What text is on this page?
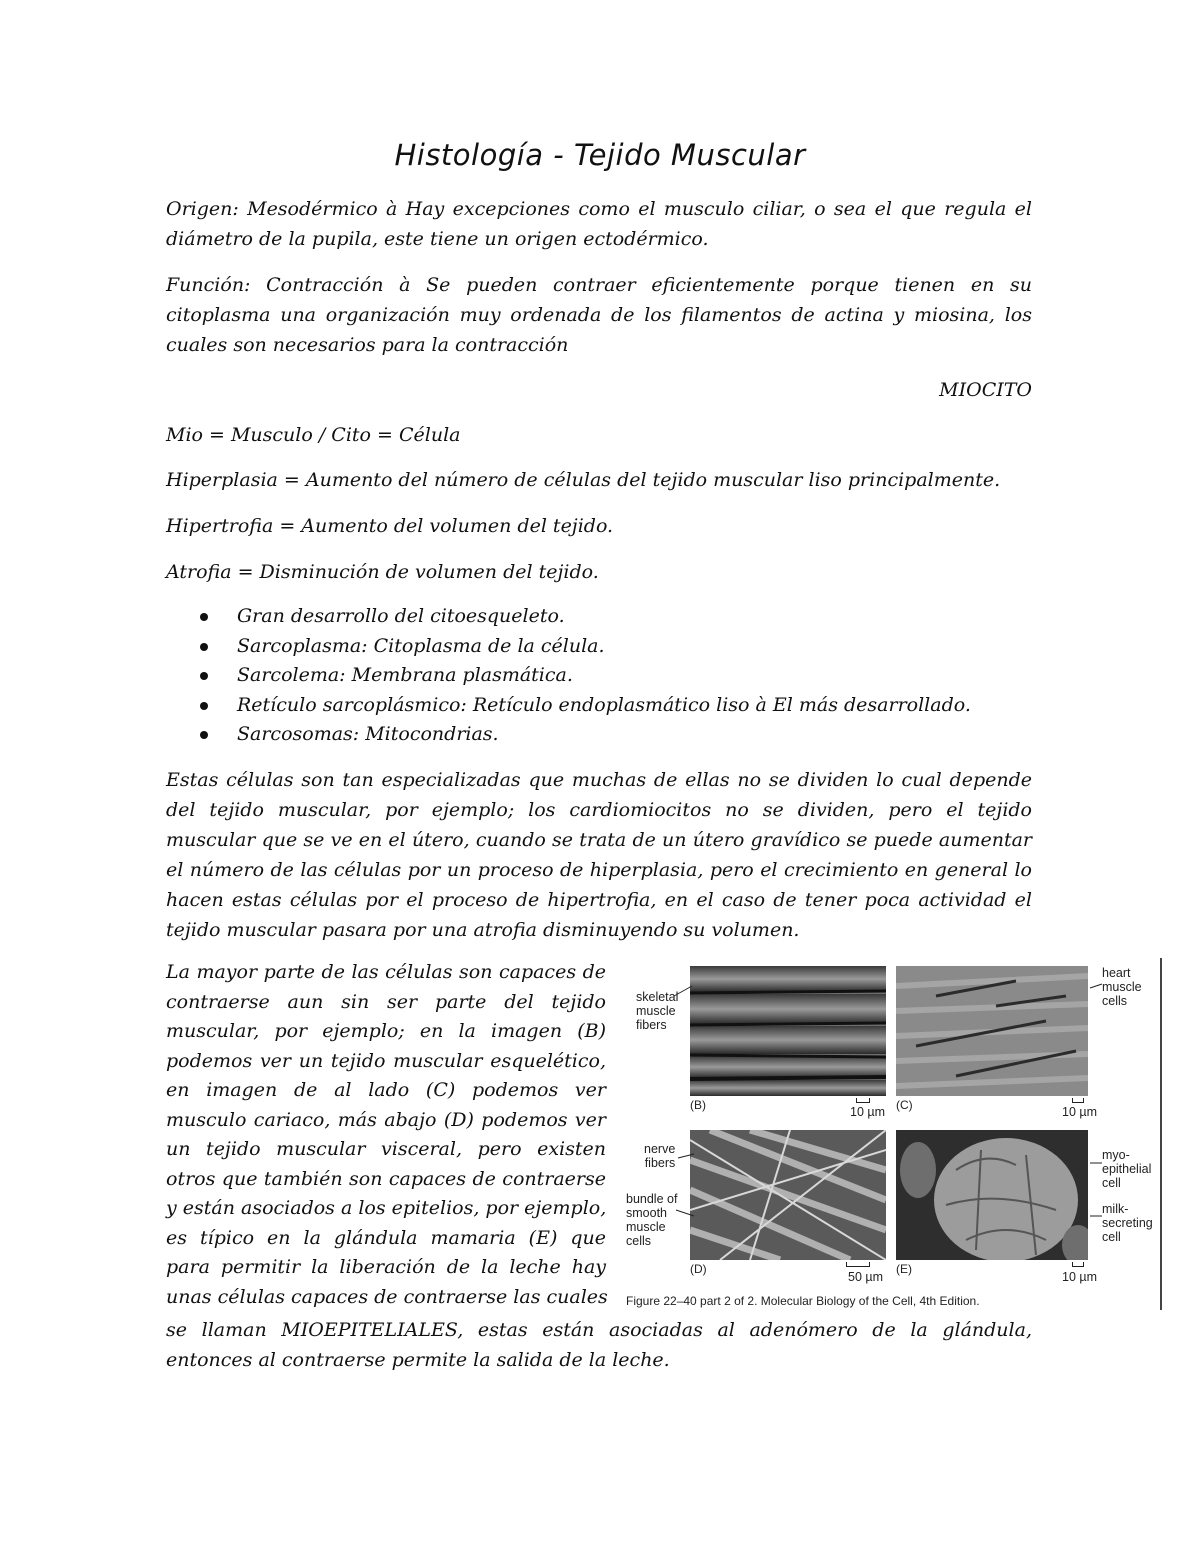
Histología - Tejido Muscular

Origen: Mesodérmico à Hay excepciones como el musculo ciliar, o sea el que regula el diámetro de la pupila, este tiene un origen ectodérmico.

Función: Contracción à Se pueden contraer eficientemente porque tienen en su citoplasma una organización muy ordenada de los filamentos de actina y miosina, los cuales son necesarios para la contracción

MIOCITO

Mio = Musculo / Cito = Célula

Hiperplasia = Aumento del número de células del tejido muscular liso principalmente.

Hipertrofia = Aumento del volumen del tejido.

Atrofia = Disminución de volumen del tejido.

Gran desarrollo del citoesqueleto.
Sarcoplasma: Citoplasma de la célula.
Sarcolema: Membrana plasmática.
Retículo sarcoplásmico: Retículo endoplasmático liso à El más desarrollado.
Sarcosomas: Mitocondrias.

Estas células son tan especializadas que muchas de ellas no se dividen lo cual depende del tejido muscular, por ejemplo; los cardiomiocitos no se dividen, pero el tejido muscular que se ve en el útero, cuando se trata de un útero gravídico se puede aumentar el número de las células por un proceso de hiperplasia, pero el crecimiento en general lo hacen estas células por el proceso de hipertrofia, en el caso de tener poca actividad el tejido muscular pasara por una atrofia disminuyendo su volumen.

La mayor parte de las células son capaces de
contraerse aun sin ser parte del tejido
muscular, por ejemplo; en la imagen (B)
podemos ver un tejido muscular esquelético,
en imagen de al lado (C) podemos ver
musculo cariaco, más abajo (D) podemos ver
un tejido muscular visceral, pero existen
otros que también son capaces de contraerse
y están asociados a los epitelios, por ejemplo,
es típico en la glándula mamaria (E) que
para permitir la liberación de la leche hay
unas células capaces de contraerse las cuales
se llaman MIOEPITELIALES, estas están asociadas al adenómero de la glándula,
entonces al contraerse permite la salida de la leche.
skeletal
muscle
fibers
nerve
fibers
bundle of
smooth
muscle
cells
heart
muscle
cells
myo-
epithelial
cell
milk-
secreting
cell
(B)	(C)
(D)	(E)
10 µm	10 µm
50 µm	10 µm
Figure 22–40 part 2 of 2. Molecular Biology of the Cell, 4th Edition.
